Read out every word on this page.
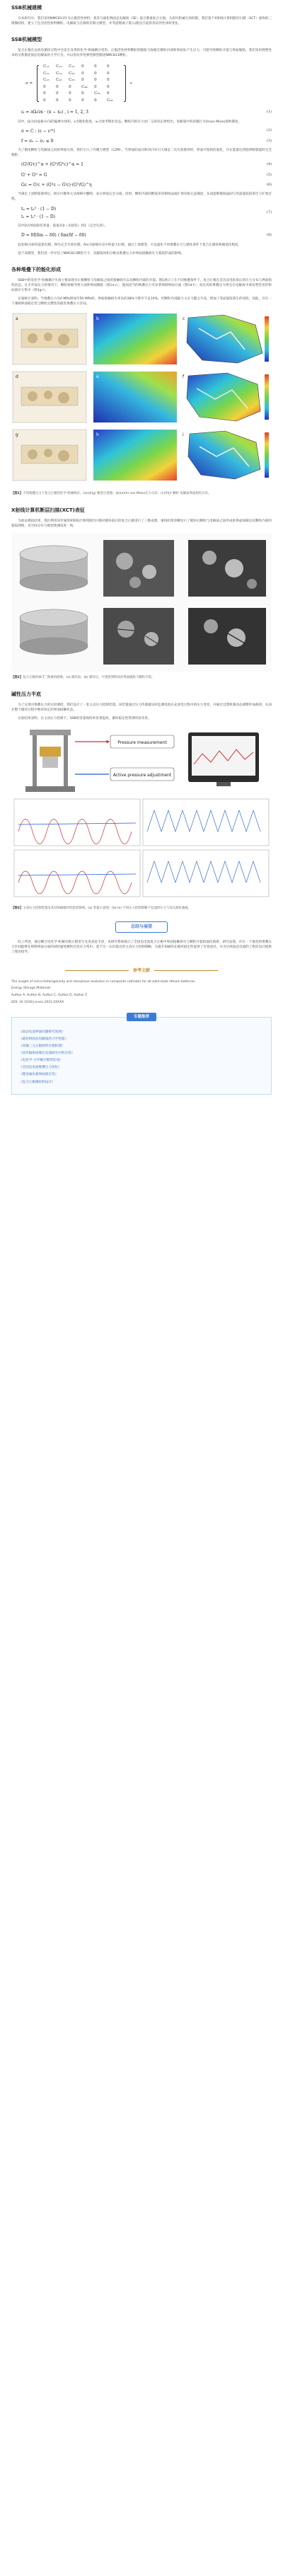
SSB机械建模

在本研究中，我们采用NMC811作为正极活性材料，将其与硫化物固态电解质（SE）混合制备复合正极。为探究机械失效机制，我们基于X射线计算机断层扫描（XCT）重构的三维微结构，建立了包含活性材料颗粒、电解质与孔隙的有限元模型，并考虑锂离子嵌入/脱出引起的各向异性体积变化。

SSB机械模型

复合正极在充放电循环过程中会发生显著的化学-机械耦合变形。正极活性材料颗粒的膨胀与收缩在颗粒内部和界面处产生应力，可能导致颗粒开裂与界面脱粘。我们采用弹塑性本构关系描述固态电解质的力学行为，并以各向异性弹性模型描述NMC811颗粒。

σ =
C₁₁	C₁₂	C₁₃	0	0	0
C₁₂	C₂₂	C₂₃	0	0	0
C₁₃	C₂₃	C₃₃	0	0	0
0	0	0	C₄₄	0	0
0	0	0	0	C₅₅	0
0	0	0	0	0	C₆₆
ε
εᵢ = ∂Ωᵢ/∂x · (x − x₀) , i = 1, 2, 3	(1)

其中，Ωᵢ为沿晶格方向i的偏摩尔体积，x为锂化程度，x₀为参考锂化状态。颗粒内的应力由广义胡克定律给出，电解质中的屈服行为由von Mises准则描述。

σ = C : (ε − εᶜʰ)	(2)
f = σₑ − σᵧ ≤ 0	(3)

为了描述颗粒与电解质之间的界面失效，我们引入了内聚力模型（CZM）。当界面的法向和切向牵引力满足二次失效准则时，界面开始损伤演化，并在能量达到临界断裂能时完全脱粘：

(Gᴵ/Gᴵc)^α + (Gᴵᴵ/Gᴵᴵc)^α = 1	(4)
Gᴵ + Gᴵᴵ = G	(5)
Gc = Gᴵc + (Gᴵᴵc − Gᴵc)·(Gᴵᴵ/G)^η	(6)

当满足上述断裂准则后，相应内聚单元从网格中删除，表示界面完全分离。同时，颗粒内部的断裂采用相场法或扩展有限元法描述，从而能够模拟晶间与穿晶裂纹的萌生与扩展过程。

tₙ = tₙ⁰ · (1 − D)
tₛ = tₛ⁰ · (1 − D)
(7)

其中D为界面损伤变量，取值从0（未损伤）到1（完全失效）。

D = δf(δm − δ0) / δm(δf − δ0)	(8)

此处δ0为损伤起始位移，δf为完全失效位移，δm为加载历史中的最大位移。通过上述模型，可以量化不同堆叠压力与循环条件下复合正极的机械退化程度。

基于该模型，我们进一步评估了NMC811颗粒尺寸、电解质体积分数及堆叠压力对界面接触损失与裂纹形成的影响。

各种堆叠下的能化形成

SSB中的电化学-机械耦合失效主要表现为正极颗粒与电解质之间的接触损失以及颗粒内部的开裂。图1展示了在不同堆叠条件下，复合正极在首次充电结束后的应力分布与界面损伤状态。在无外加压力的情况下，颗粒收缩导致大面积界面脱粘（图1a-c）；施加适当的堆叠压力可显著抑制界面分离（图1d-f）；而过高的堆叠压力则会在电解质中诱发塑性变形和局部应力集中（图1g-i）。

定量统计表明，当堆叠压力从0 MPa增加至50 MPa时，界面接触损失率从约38%下降至不足10%，但颗粒内部最大主应力随之升高，增加了穿晶裂纹萌生的风险。因此，存在一个兼顾界面稳定性与颗粒完整性的最优堆叠压力区间。

a	b	c
d	e	f
g	h	i

【图1】不同堆叠压力下复合正极的化学-机械响应。(a)(d)(g) 模型示意图；(b)(e)(h) von Mises应力分布；(c)(f)(i) 颗粒-电解质界面损伤分布。

X射线计算机断层扫描(XCT)表征

为验证模拟结果，我们利用同步辐射X射线计算机断层扫描对循环前后的复合正极进行了三维成像。重构结果清晰显示了循环后颗粒与电解质之间形成的界面间隙以及颗粒内部的裂纹网络，其空间分布与模型预测高度一致。

【图2】复合正极的XCT三维重构图像。(a) 循环前；(b) 循环后，可观察到明显的界面脱粘与颗粒开裂。

碱性压力半底

为了实现对堆叠压力的实时调控，我们设计了一套主动压力控制装置。该装置通过压力传感器实时监测电池在充放电过程中的压力变化，并通过反馈机制动态调整外加载荷，从而在整个循环过程中维持恒定的界面接触状态。

实验结果表明，在主动压力控制下，SSB的容量保持率显著提高，循环稳定性得到明显改善。

Pressure measurement
Active pressure adjustment

【图3】主动压力控制装置及其对SSB循环性能的影响。(a) 装置示意图；(b)-(e) 不同压力控制策略下电池的压力与电压演化曲线。

总结与展望

综上所述，通过耦合电化学-机械有限元模型与先进表征手段，本研究系统揭示了全固态电池复合正极中界面接触损失与颗粒开裂的演化规律。研究发现，存在一个最优的堆叠压力区间能够在抑制界面分离的同时避免颗粒过度应力集中。基于这一认识提出的主动压力控制策略，为提升SSB的长循环稳定性提供了有效途径，并为后续固态电池的工程化设计提供了理论指导。

参考文献

The insight of micro-heterogeneity and interphase evolution in composite cathodes for all-solid-state lithium batteries

Energy Storage Materials

Author A, Author B, Author C, Author D, Author E

DOI: 10.1016/j.ensm.2021.XXXXX

专题推荐
《固态电池界面问题研究进展》
《硫化物固态电解质的力学性能》
《高镍三元正极材料开裂机理》
《同步辐射成像在电池研究中的应用》
《电化学-力学耦合模型综述》
《全固态电池堆叠压力优化》
《锂金属负极界面稳定性》
《复合正极微结构设计》
